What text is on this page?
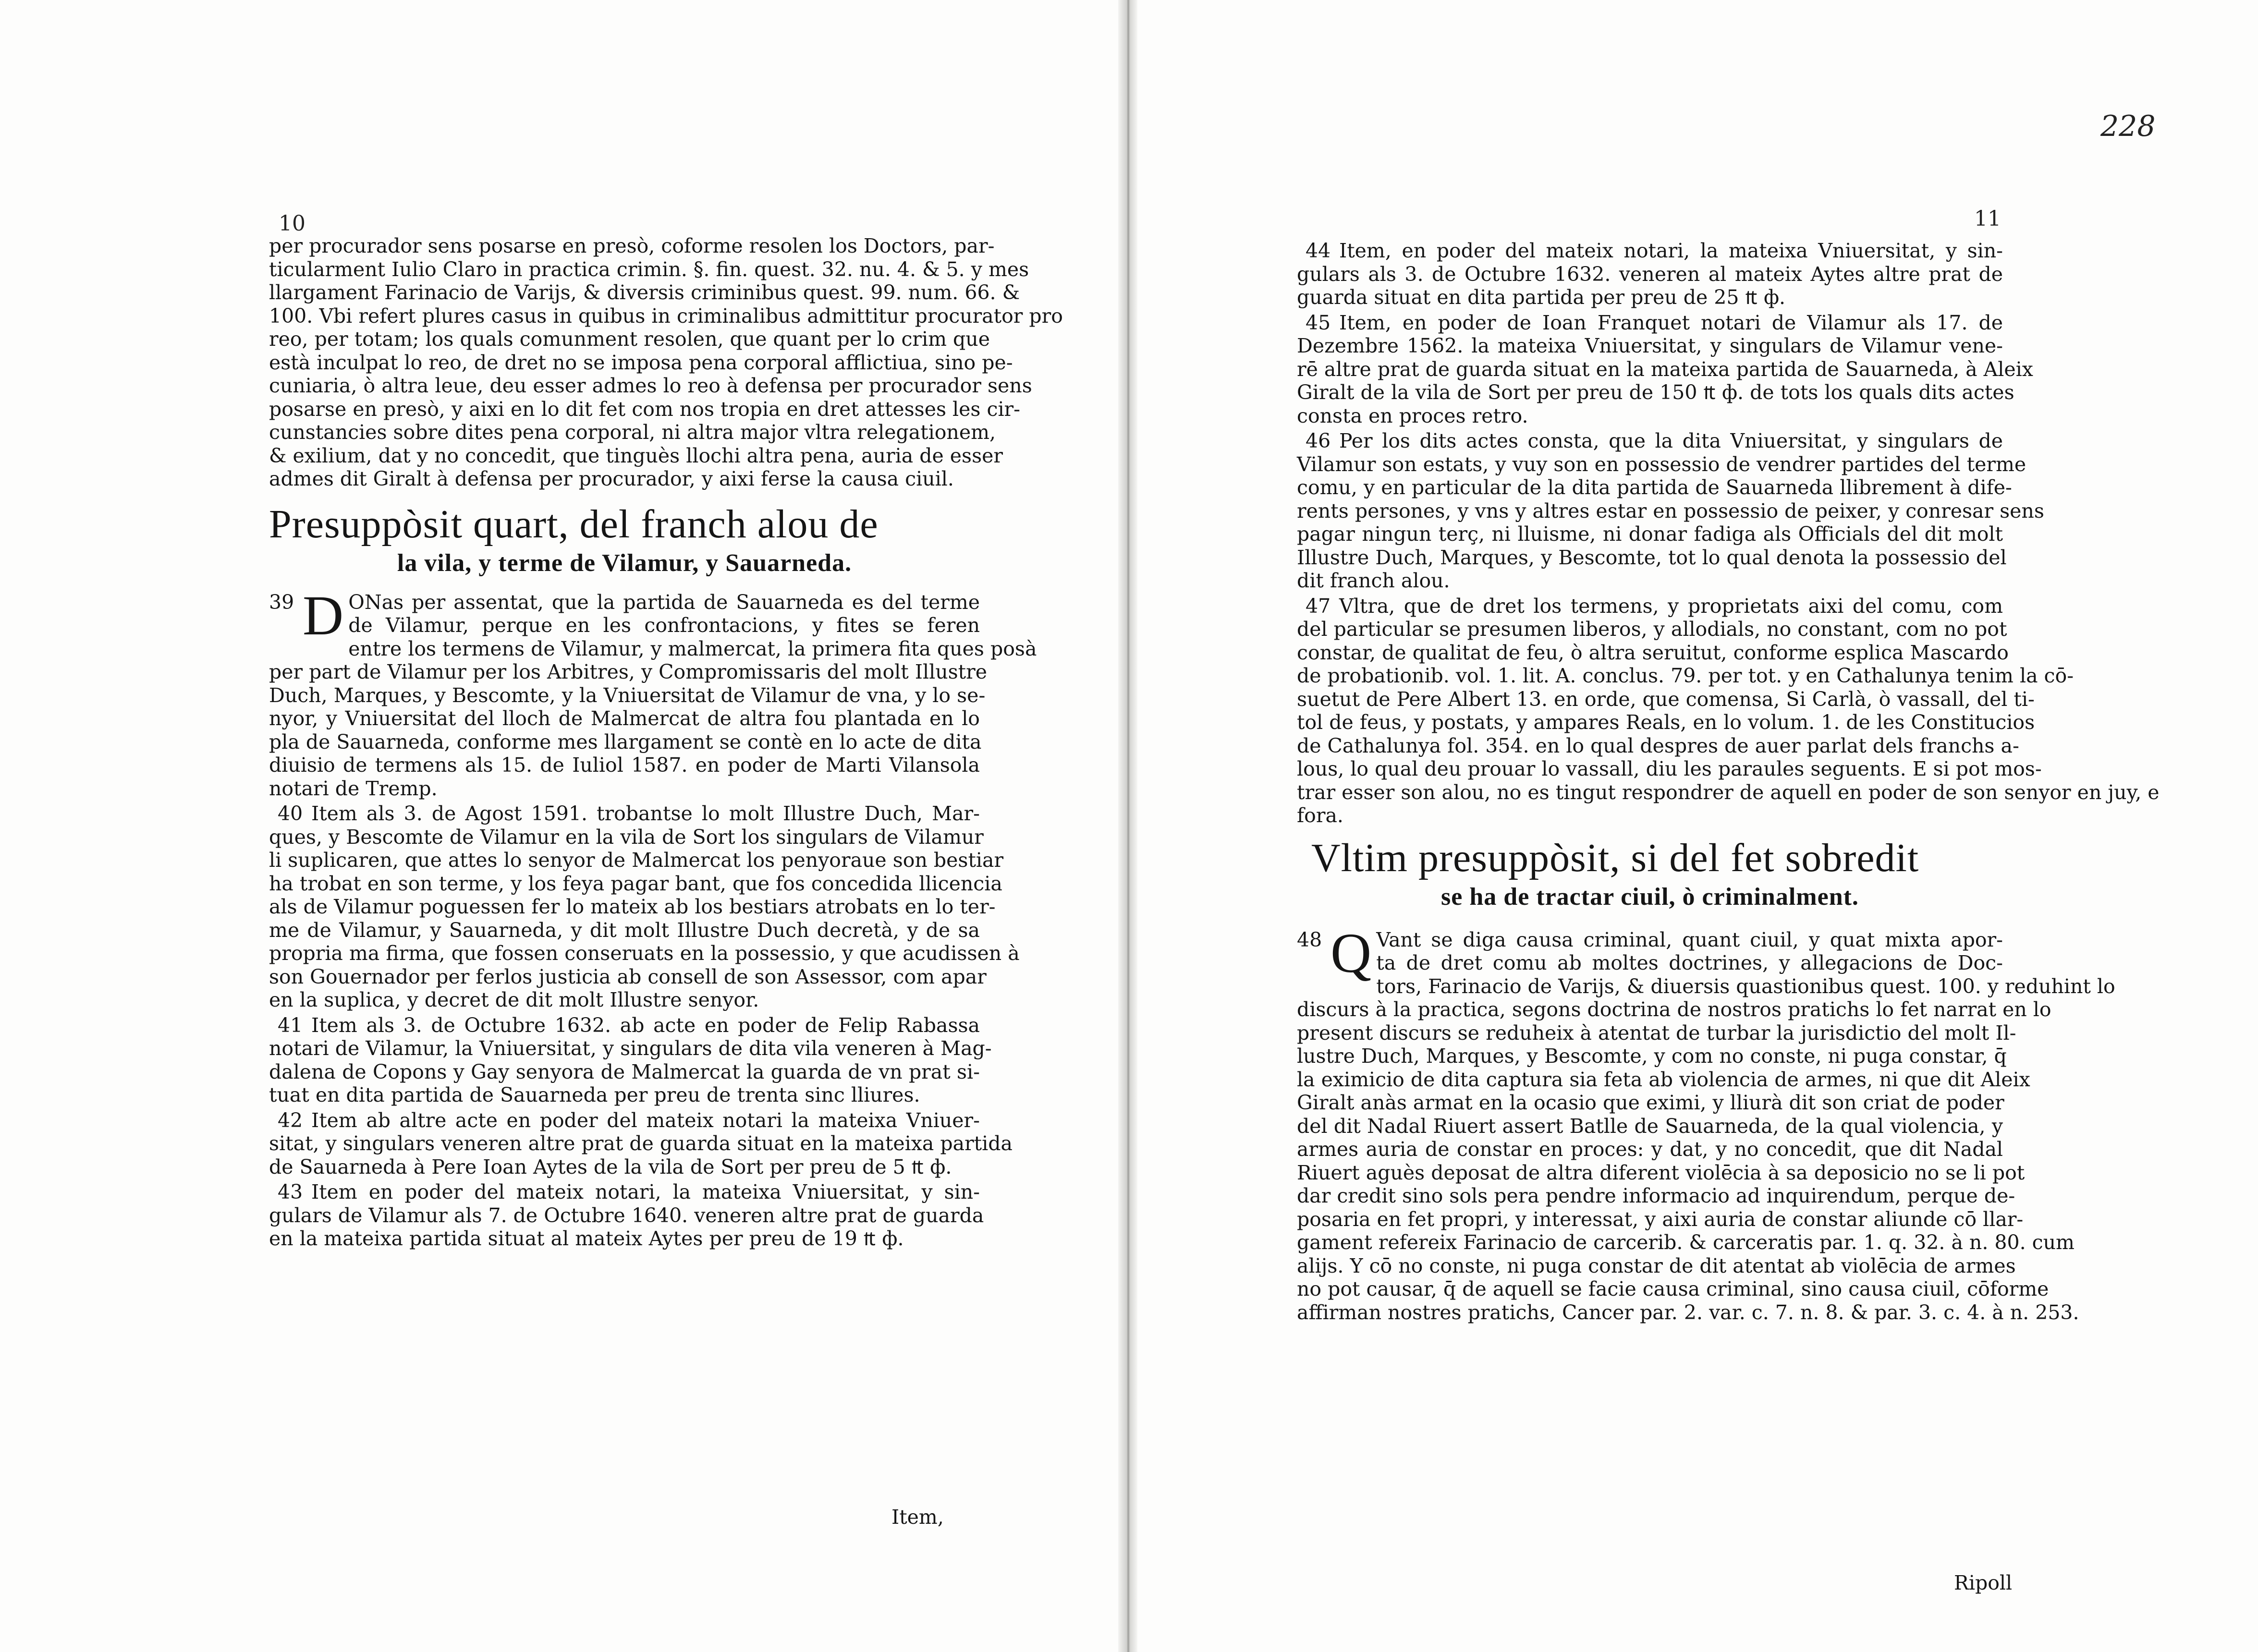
10

per procurador sens posarse en presò, coforme resolen los Doctors, par-

ticularment Iulio Claro in practica crimin. §. fin. quest. 32. nu. 4. & 5. y mes

llargament Farinacio de Varijs, & diversis criminibus quest. 99. num. 66. &

100. Vbi refert plures casus in quibus in criminalibus admittitur procurator pro

reo, per totam; los quals comunment resolen, que quant per lo crim que

està inculpat lo reo, de dret no se imposa pena corporal afflictiua, sino pe-

cuniaria, ò altra leue, deu esser admes lo reo à defensa per procurador sens

posarse en presò, y aixi en lo dit fet com nos tropia en dret attesses les cir-

cunstancies sobre dites pena corporal, ni altra major vltra relegationem,

& exilium, dat y no concedit, que tinguès llochi altra pena, auria de esser

admes dit Giralt à defensa per procurador, y aixi ferse la causa ciuil.

Presuppòsit quart, del franch alou de

la vila, y terme de Vilamur, y Sauarneda.

39 D ONas per assentat, que la partida de Sauarneda es del terme

de Vilamur, perque en les confrontacions, y fites se feren

entre los termens de Vilamur, y malmercat, la primera fita ques posà

per part de Vilamur per los Arbitres, y Compromissaris del molt Illustre

Duch, Marques, y Bescomte, y la Vniuersitat de Vilamur de vna, y lo se-

nyor, y Vniuersitat del lloch de Malmercat de altra fou plantada en lo

pla de Sauarneda, conforme mes llargament se contè en lo acte de dita

diuisio de termens als 15. de Iuliol 1587. en poder de Marti Vilansola

notari de Tremp.

40 Item als 3. de Agost 1591. trobantse lo molt Illustre Duch, Mar-

ques, y Bescomte de Vilamur en la vila de Sort los singulars de Vilamur

li suplicaren, que attes lo senyor de Malmercat los penyoraue son bestiar

ha trobat en son terme, y los feya pagar bant, que fos concedida llicencia

als de Vilamur poguessen fer lo mateix ab los bestiars atrobats en lo ter-

me de Vilamur, y Sauarneda, y dit molt Illustre Duch decretà, y de sa

propria ma firma, que fossen conseruats en la possessio, y que acudissen à

son Gouernador per ferlos justicia ab consell de son Assessor, com apar

en la suplica, y decret de dit molt Illustre senyor.

41 Item als 3. de Octubre 1632. ab acte en poder de Felip Rabassa

notari de Vilamur, la Vniuersitat, y singulars de dita vila veneren à Mag-

dalena de Copons y Gay senyora de Malmercat la guarda de vn prat si-

tuat en dita partida de Sauarneda per preu de trenta sinc lliures.

42 Item ab altre acte en poder del mateix notari la mateixa Vniuer-

sitat, y singulars veneren altre prat de guarda situat en la mateixa partida

de Sauarneda à Pere Ioan Aytes de la vila de Sort per preu de 5 ₶ ф.

43 Item en poder del mateix notari, la mateixa Vniuersitat, y sin-

gulars de Vilamur als 7. de Octubre 1640. veneren altre prat de guarda

en la mateixa partida situat al mateix Aytes per preu de 19 ₶ ф.

Item,
228
11

44 Item, en poder del mateix notari, la mateixa Vniuersitat, y sin-

gulars als 3. de Octubre 1632. veneren al mateix Aytes altre prat de

guarda situat en dita partida per preu de 25 ₶ ф.

45 Item, en poder de Ioan Franquet notari de Vilamur als 17. de

Dezembre 1562. la mateixa Vniuersitat, y singulars de Vilamur vene-

rē altre prat de guarda situat en la mateixa partida de Sauarneda, à Aleix

Giralt de la vila de Sort per preu de 150 ₶ ф. de tots los quals dits actes

consta en proces retro.

46 Per los dits actes consta, que la dita Vniuersitat, y singulars de

Vilamur son estats, y vuy son en possessio de vendrer partides del terme

comu, y en particular de la dita partida de Sauarneda llibrement à dife-

rents persones, y vns y altres estar en possessio de peixer, y conresar sens

pagar ningun terç, ni lluisme, ni donar fadiga als Officials del dit molt

Illustre Duch, Marques, y Bescomte, tot lo qual denota la possessio del

dit franch alou.

47 Vltra, que de dret los termens, y proprietats aixi del comu, com

del particular se presumen liberos, y allodials, no constant, com no pot

constar, de qualitat de feu, ò altra seruitut, conforme esplica Mascardo

de probationib. vol. 1. lit. A. conclus. 79. per tot. y en Cathalunya tenim la cō-

suetut de Pere Albert 13. en orde, que comensa, Si Carlà, ò vassall, del ti-

tol de feus, y postats, y ampares Reals, en lo volum. 1. de les Constitucios

de Cathalunya fol. 354. en lo qual despres de auer parlat dels franchs a-

lous, lo qual deu prouar lo vassall, diu les paraules seguents. E si pot mos-

trar esser son alou, no es tingut respondrer de aquell en poder de son senyor en juy, e

fora.

Vltim presuppòsit, si del fet sobredit

se ha de tractar ciuil, ò criminalment.

48 Q Vant se diga causa criminal, quant ciuil, y quat mixta apor-

ta de dret comu ab moltes doctrines, y allegacions de Doc-

tors, Farinacio de Varijs, & diuersis quastionibus quest. 100. y reduhint lo

discurs à la practica, segons doctrina de nostros pratichs lo fet narrat en lo

present discurs se reduheix à atentat de turbar la jurisdictio del molt Il-

lustre Duch, Marques, y Bescomte, y com no conste, ni puga constar, q̄

la eximicio de dita captura sia feta ab violencia de armes, ni que dit Aleix

Giralt anàs armat en la ocasio que eximi, y lliurà dit son criat de poder

del dit Nadal Riuert assert Batlle de Sauarneda, de la qual violencia, y

armes auria de constar en proces: y dat, y no concedit, que dit Nadal

Riuert aguès deposat de altra diferent violēcia à sa deposicio no se li pot

dar credit sino sols pera pendre informacio ad inquirendum, perque de-

posaria en fet propri, y interessat, y aixi auria de constar aliunde cō llar-

gament refereix Farinacio de carcerib. & carceratis par. 1. q. 32. à n. 80. cum

alijs. Y cō no conste, ni puga constar de dit atentat ab violēcia de armes

no pot causar, q̄ de aquell se facie causa criminal, sino causa ciuil, cōforme

affirman nostres pratichs, Cancer par. 2. var. c. 7. n. 8. & par. 3. c. 4. à n. 253.

Ripoll
